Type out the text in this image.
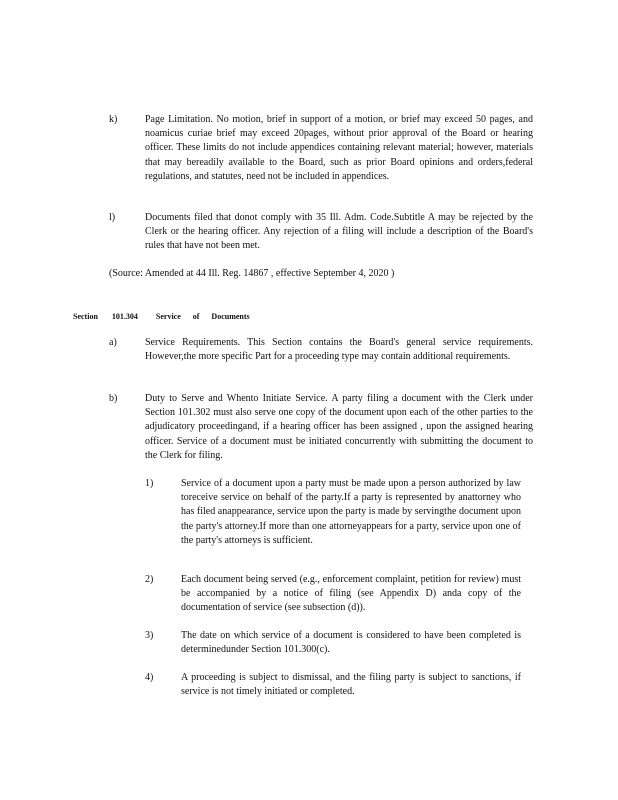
k)	Page Limitation. No motion, brief in support of a motion, or brief may exceed 50 pages, and noamicus curiae brief may exceed 20pages, without prior approval of the Board or hearing officer. These limits do not include appendices containing relevant material; however, materials that may bereadily available to the Board, such as prior Board opinions and orders,federal regulations, and statutes, need not be included in appendices.
l)	Documents filed that donot comply with 35 Ill. Adm. Code.Subtitle A may be rejected by the Clerk or the hearing officer. Any rejection of a filing will include a description of the Board's rules that have not been met.
(Source: Amended at 44 Ill. Reg. 14867 , effective September 4, 2020 )
Section 101.304 Service of Documents
a)	Service Requirements. This Section contains the Board's general service requirements. However,the more specific Part for a proceeding type may contain additional requirements.
b)	Duty to Serve and Whento Initiate Service. A party filing a document with the Clerk under Section 101.302 must also serve one copy of the document upon each of the other parties to the adjudicatory proceedingand, if a hearing officer has been assigned , upon the assigned hearing officer. Service of a document must be initiated concurrently with submitting the document to the Clerk for filing.
1)	Service of a document upon a party must be made upon a person authorized by law toreceive service on behalf of the party.If a party is represented by anattorney who has filed anappearance, service upon the party is made by servingthe document upon the party's attorney.If more than one attorneyappears for a party, service upon one of the party's attorneys is sufficient.
2)	Each document being served (e.g., enforcement complaint, petition for review) must be accompanied by a notice of filing (see Appendix D) anda copy of the documentation of service (see subsection (d)).
3)	The date on which service of a document is considered to have been completed is determinedunder Section 101.300(c).
4)	A proceeding is subject to dismissal, and the filing party is subject to sanctions, if service is not timely initiated or completed.
